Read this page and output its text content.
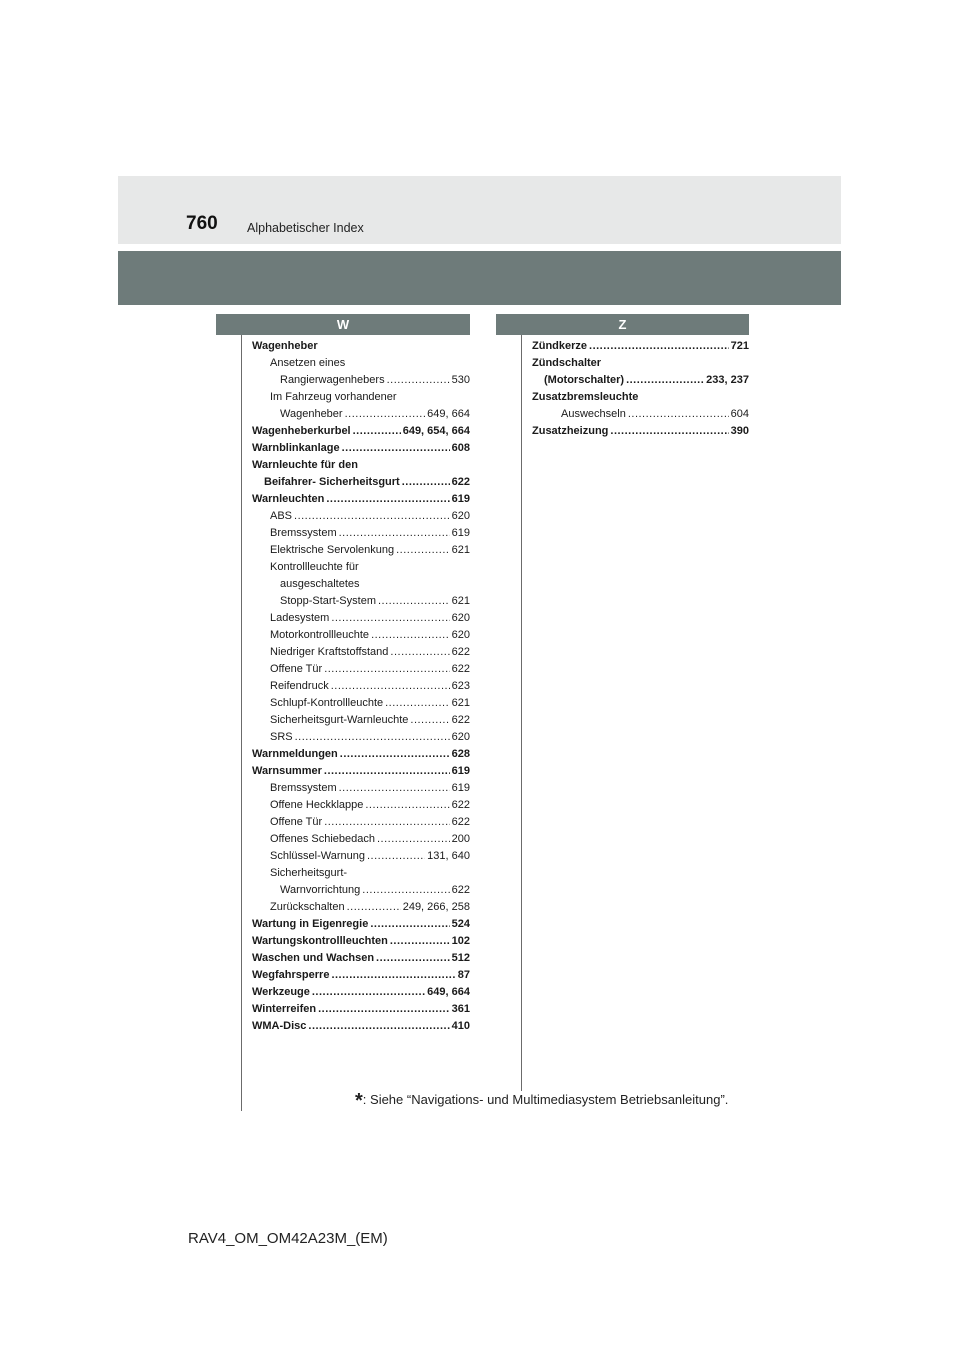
760 Alphabetischer Index
W	Z
Wagenheber
Ansetzen eines
Rangierwagenhebers .....	530
Im Fahrzeug vorhandener
Wagenheber .....	649, 664
Wagenheberkurbel .....	649, 654, 664
Warnblinkanlage .....	608
Warnleuchte für den
Beifahrer- Sicherheitsgurt .....	622
Warnleuchten .....	619
ABS .....	620
Bremssystem .....	619
Elektrische Servolenkung .....	621
Kontrollleuchte für
ausgeschaltetes
Stopp-Start-System .....	621
Ladesystem .....	620
Motorkontrollleuchte .....	620
Niedriger Kraftstoffstand .....	622
Offene Tür .....	622
Reifendruck .....	623
Schlupf-Kontrollleuchte .....	621
Sicherheitsgurt-Warnleuchte .....	622
SRS .....	620
Warnmeldungen .....	628
Warnsummer .....	619
Bremssystem .....	619
Offene Heckklappe .....	622
Offene Tür .....	622
Offenes Schiebedach .....	200
Schlüssel-Warnung .....	131, 640
Sicherheitsgurt-
Warnvorrichtung .....	622
Zurückschalten .....	249, 266, 258
Wartung in Eigenregie .....	524
Wartungskontrollleuchten .....	102
Waschen und Wachsen .....	512
Wegfahrsperre .....	87
Werkzeuge .....	649, 664
Winterreifen .....	361
WMA-Disc .....	410
Zündkerze .....	721
Zündschalter
(Motorschalter) .....	233, 237
Zusatzbremsleuchte
Auswechseln .....	604
Zusatzheizung .....	390
*: Siehe “Navigations- und Multimediasystem Betriebsanleitung”.
RAV4_OM_OM42A23M_(EM)
